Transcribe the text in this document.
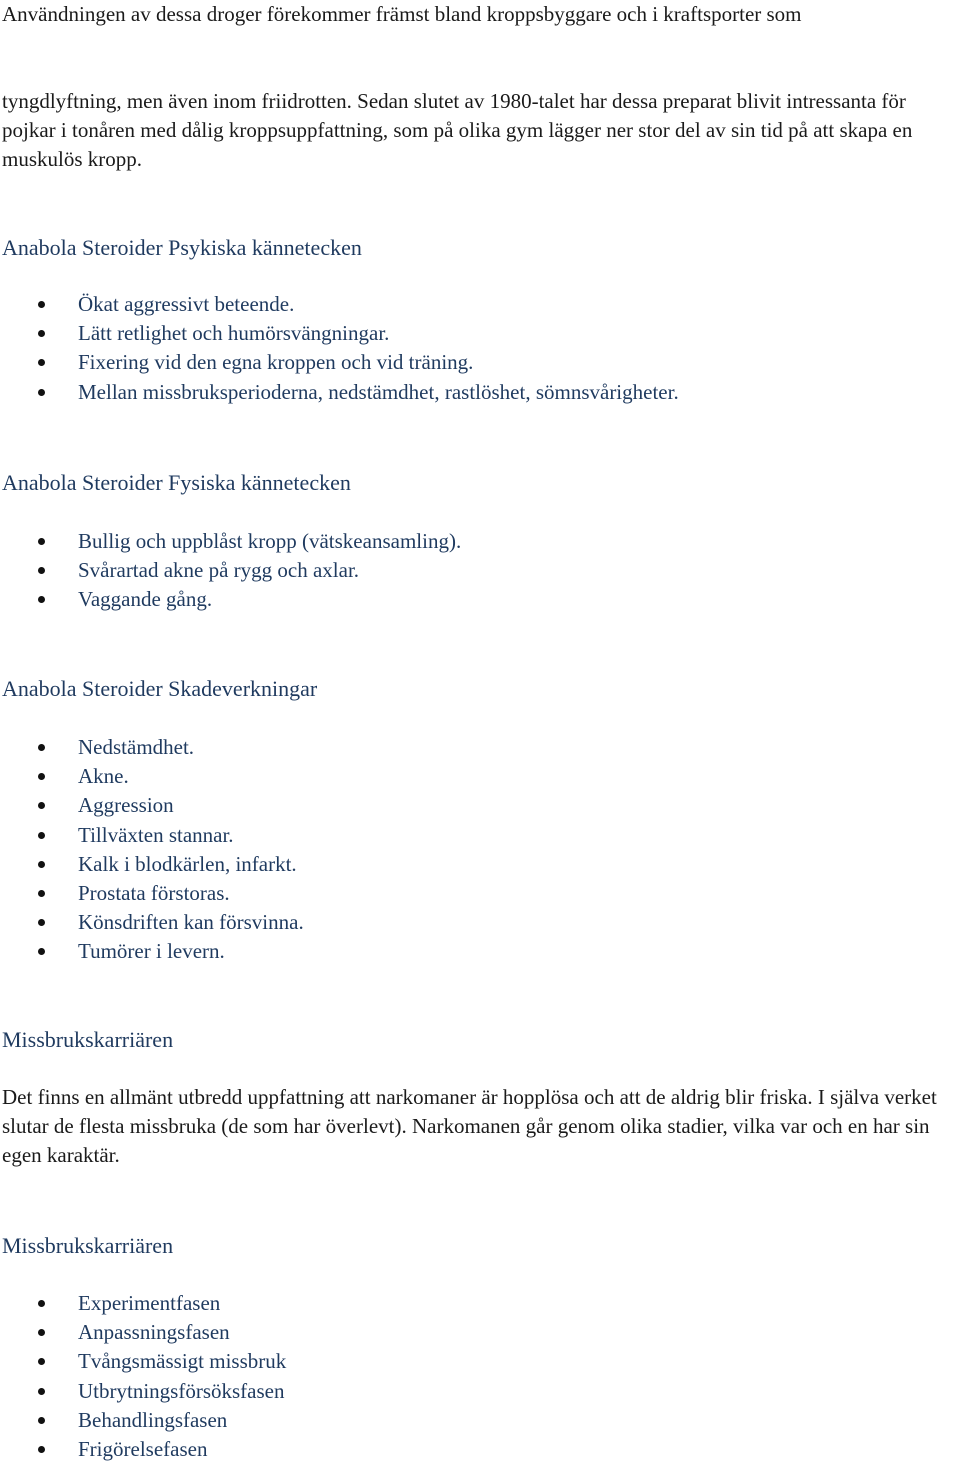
Användningen av dessa droger förekommer främst bland kroppsbyggare och i kraftsporter som

tyngdlyftning, men även inom friidrotten. Sedan slutet av 1980-talet har dessa preparat blivit intressanta för pojkar i tonåren med dålig kroppsuppfattning, som på olika gym lägger ner stor del av sin tid på att skapa en muskulös kropp.

Anabola Steroider Psykiska kännetecken
Ökat aggressivt beteende.
Lätt retlighet och humörsvängningar.
Fixering vid den egna kroppen och vid träning.
Mellan missbruksperioderna, nedstämdhet, rastlöshet, sömnsvårigheter.
Anabola Steroider Fysiska kännetecken
Bullig och uppblåst kropp (vätskeansamling).
Svårartad akne på rygg och axlar.
Vaggande gång.
Anabola Steroider Skadeverkningar
Nedstämdhet.
Akne.
Aggression
Tillväxten stannar.
Kalk i blodkärlen, infarkt.
Prostata förstoras.
Könsdriften kan försvinna.
Tumörer i levern.
Missbrukskarriären

Det finns en allmänt utbredd uppfattning att narkomaner är hopplösa och att de aldrig blir friska. I själva verket slutar de flesta missbruka (de som har överlevt). Narkomanen går genom olika stadier, vilka var och en har sin egen karaktär.

Missbrukskarriären
Experimentfasen
Anpassningsfasen
Tvångsmässigt missbruk
Utbrytningsförsöksfasen
Behandlingsfasen
Frigörelsefasen
